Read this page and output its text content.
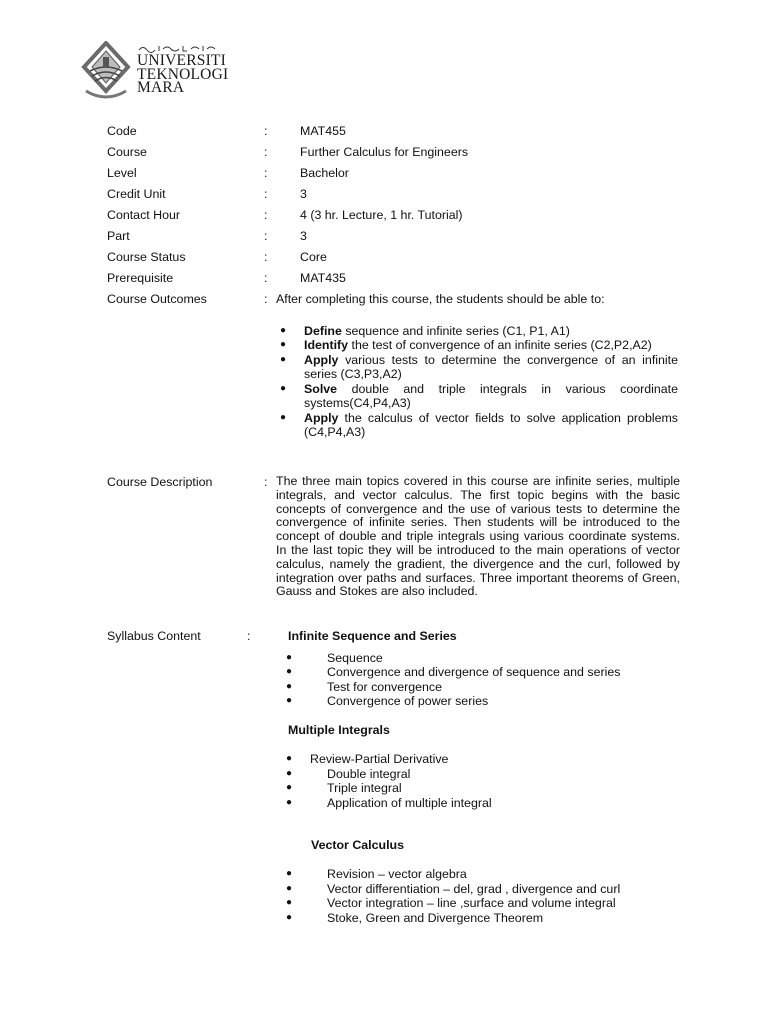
UNIVERSITI
TEKNOLOGI
MARA
Code	:	MAT455
Course	:	Further Calculus for Engineers
Level	:	Bachelor
Credit Unit	:	3
Contact Hour	:	4 (3 hr. Lecture, 1 hr. Tutorial)
Part	:	3
Course Status	:	Core
Prerequisite	:	MAT435
Course Outcomes	: After completing this course, the students should be able to:
● Define sequence and infinite series (C1, P1, A1)
● Identify the test of convergence of an infinite series (C2,P2,A2)
● Apply various tests to determine the convergence of an infinite series (C3,P3,A2)
● Solve double and triple integrals in various coordinate systems(C4,P4,A3)
● Apply the calculus of vector fields to solve application problems (C4,P4,A3)
Course Description	: The three main topics covered in this course are infinite series, multiple integrals, and vector calculus. The first topic begins with the basic concepts of convergence and the use of various tests to determine the convergence of infinite series. Then students will be introduced to the concept of double and triple integrals using various coordinate systems. In the last topic they will be introduced to the main operations of vector calculus, namely the gradient, the divergence and the curl, followed by integration over paths and surfaces. Three important theorems of Green, Gauss and Stokes are also included.
Syllabus Content	:	Infinite Sequence and Series
●	Sequence
●	Convergence and divergence of sequence and series
●	Test for convergence
●	Convergence of power series
Multiple Integrals
● Review-Partial Derivative
●	Double integral
●	Triple integral
●	Application of multiple integral
Vector Calculus
●	Revision – vector algebra
●	Vector differentiation – del, grad , divergence and curl
●	Vector integration – line ,surface and volume integral
●	Stoke, Green and Divergence Theorem
